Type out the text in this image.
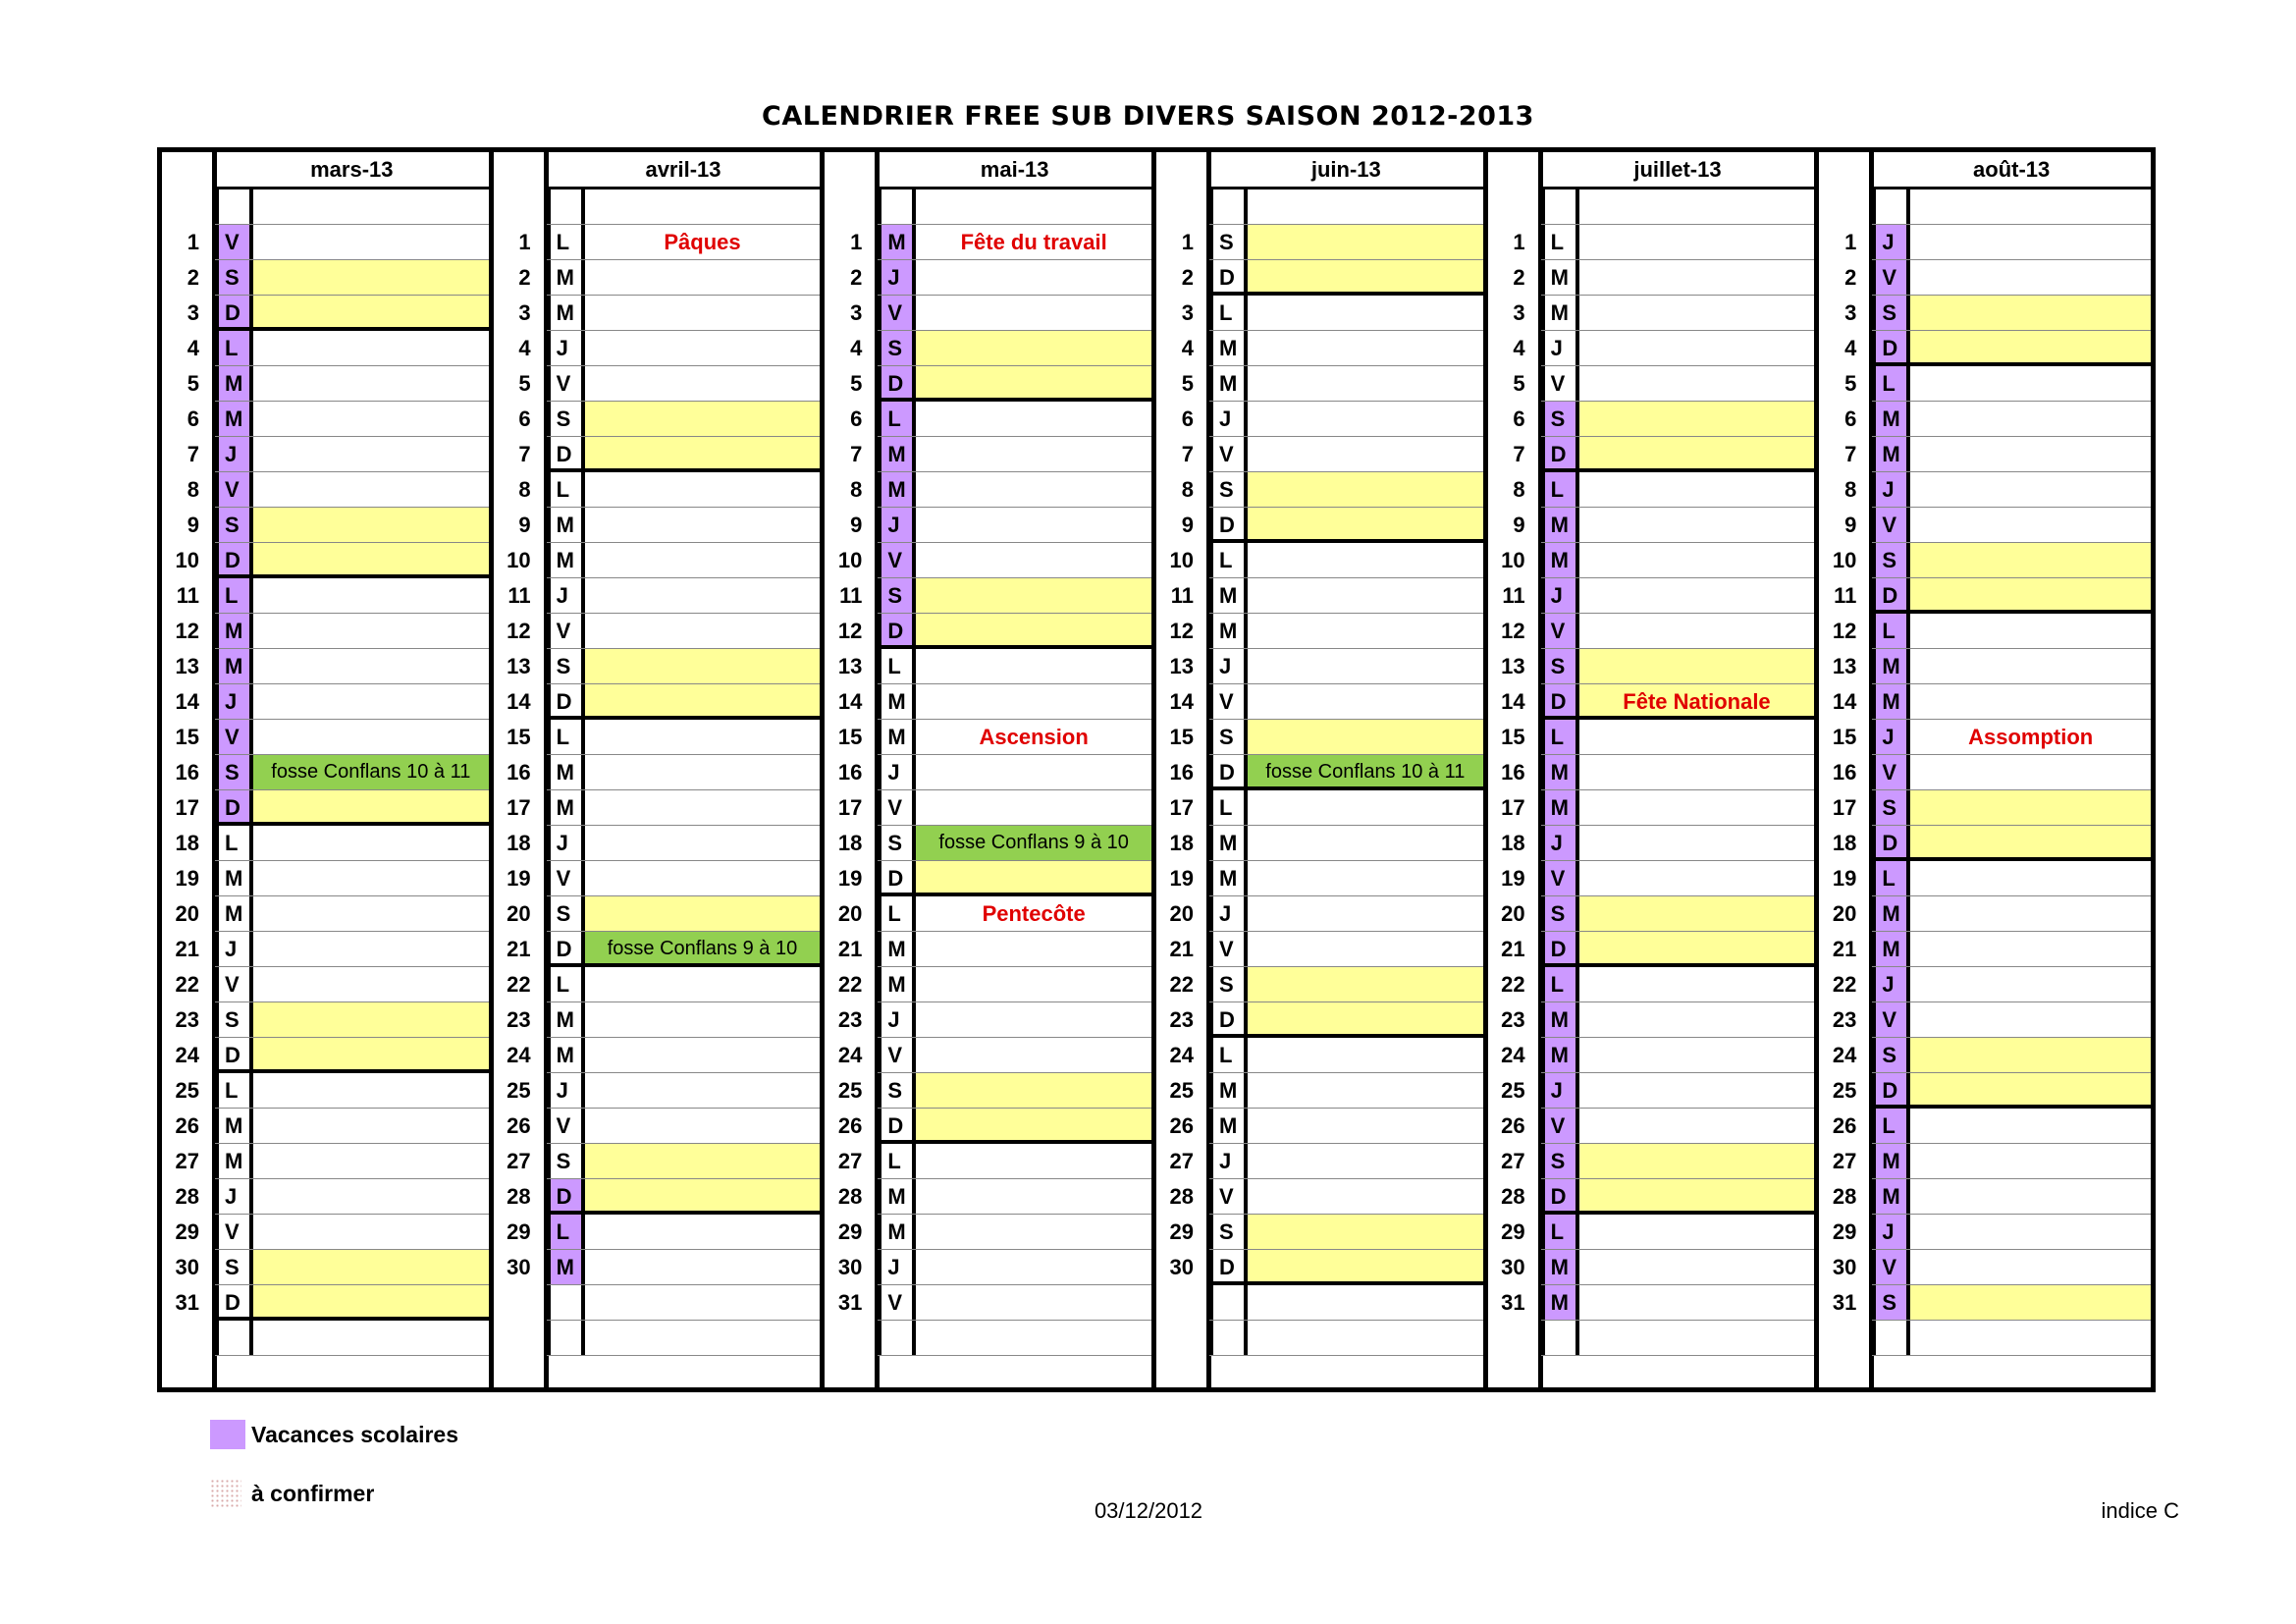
CALENDRIER FREE SUB DIVERS SAISON 2012-2013
mars-13
1	V
2	S
3	D
4	L
5	M
6	M
7	J
8	V
9	S
10	D
11	L
12	M
13	M
14	J
15	V
16	S	fosse Conflans 10 à 11
17	D
18	L
19	M
20	M
21	J
22	V
23	S
24	D
25	L
26	M
27	M
28	J
29	V
30	S
31	D
avril-13
1	L	Pâques
2	M
3	M
4	J
5	V
6	S
7	D
8	L
9	M
10	M
11	J
12	V
13	S
14	D
15	L
16	M
17	M
18	J
19	V
20	S
21	D	fosse Conflans 9 à 10
22	L
23	M
24	M
25	J
26	V
27	S
28	D
29	L
30	M
mai-13
1	M	Fête du travail
2	J
3	V
4	S
5	D
6	L
7	M
8	M
9	J
10	V
11	S
12	D
13	L
14	M
15	M	Ascension
16	J
17	V
18	S	fosse Conflans 9 à 10
19	D
20	L	Pentecôte
21	M
22	M
23	J
24	V
25	S
26	D
27	L
28	M
29	M
30	J
31	V
juin-13
1	S
2	D
3	L
4	M
5	M
6	J
7	V
8	S
9	D
10	L
11	M
12	M
13	J
14	V
15	S
16	D	fosse Conflans 10 à 11
17	L
18	M
19	M
20	J
21	V
22	S
23	D
24	L
25	M
26	M
27	J
28	V
29	S
30	D
juillet-13
1	L
2	M
3	M
4	J
5	V
6	S
7	D
8	L
9	M
10	M
11	J
12	V
13	S
14	D	Fête Nationale
15	L
16	M
17	M
18	J
19	V
20	S
21	D
22	L
23	M
24	M
25	J
26	V
27	S
28	D
29	L
30	M
31	M
août-13
1	J
2	V
3	S
4	D
5	L
6	M
7	M
8	J
9	V
10	S
11	D
12	L
13	M
14	M
15	J	Assomption
16	V
17	S
18	D
19	L
20	M
21	M
22	J
23	V
24	S
25	D
26	L
27	M
28	M
29	J
30	V
31	S
Vacances scolaires
à confirmer
03/12/2012	indice C
